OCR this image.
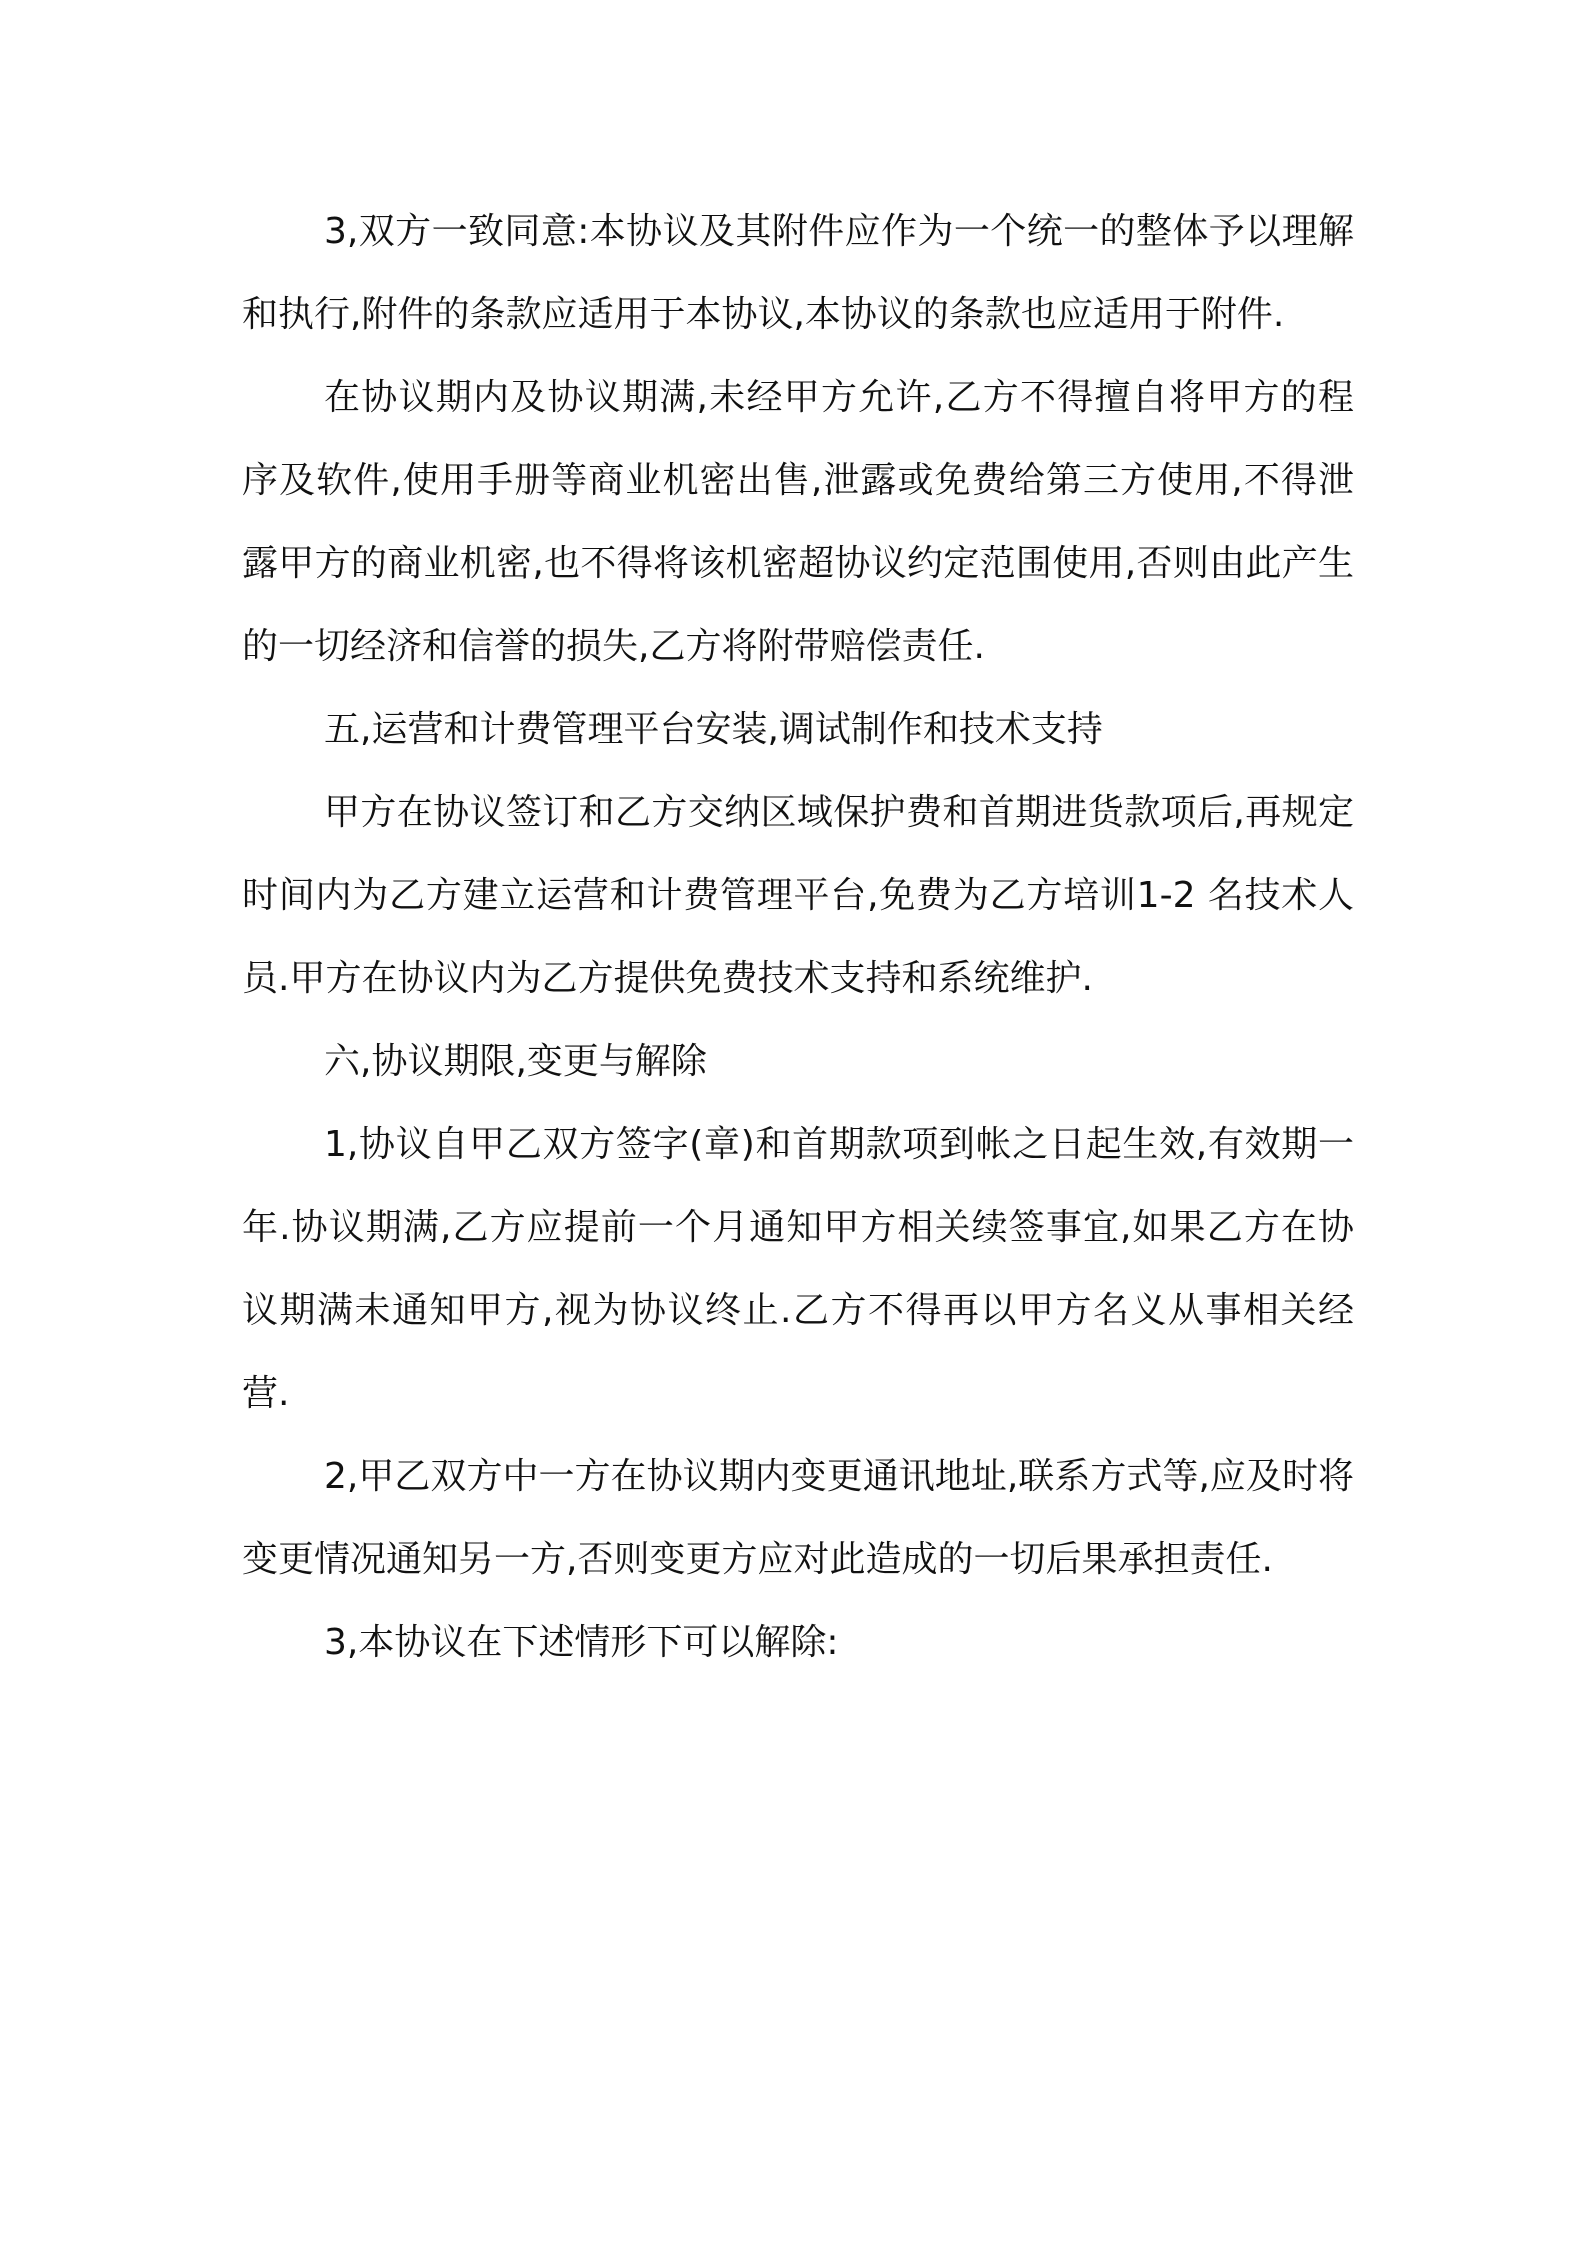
3,双方一致同意:本协议及其附件应作为一个统一的整体予以理解和执行,附件的条款应适用于本协议,本协议的条款也应适用于附件.

在协议期内及协议期满,未经甲方允许,乙方不得擅自将甲方的程序及软件,使用手册等商业机密出售,泄露或免费给第三方使用,不得泄露甲方的商业机密,也不得将该机密超协议约定范围使用,否则由此产生的一切经济和信誉的损失,乙方将附带赔偿责任.

五,运营和计费管理平台安装,调试制作和技术支持

甲方在协议签订和乙方交纳区域保护费和首期进货款项后,再规定时间内为乙方建立运营和计费管理平台,免费为乙方培训1-2 名技术人员.甲方在协议内为乙方提供免费技术支持和系统维护.

六,协议期限,变更与解除

1,协议自甲乙双方签字(章)和首期款项到帐之日起生效,有效期一年.协议期满,乙方应提前一个月通知甲方相关续签事宜,如果乙方在协议期满未通知甲方,视为协议终止.乙方不得再以甲方名义从事相关经营.

2,甲乙双方中一方在协议期内变更通讯地址,联系方式等,应及时将变更情况通知另一方,否则变更方应对此造成的一切后果承担责任.

3,本协议在下述情形下可以解除:
